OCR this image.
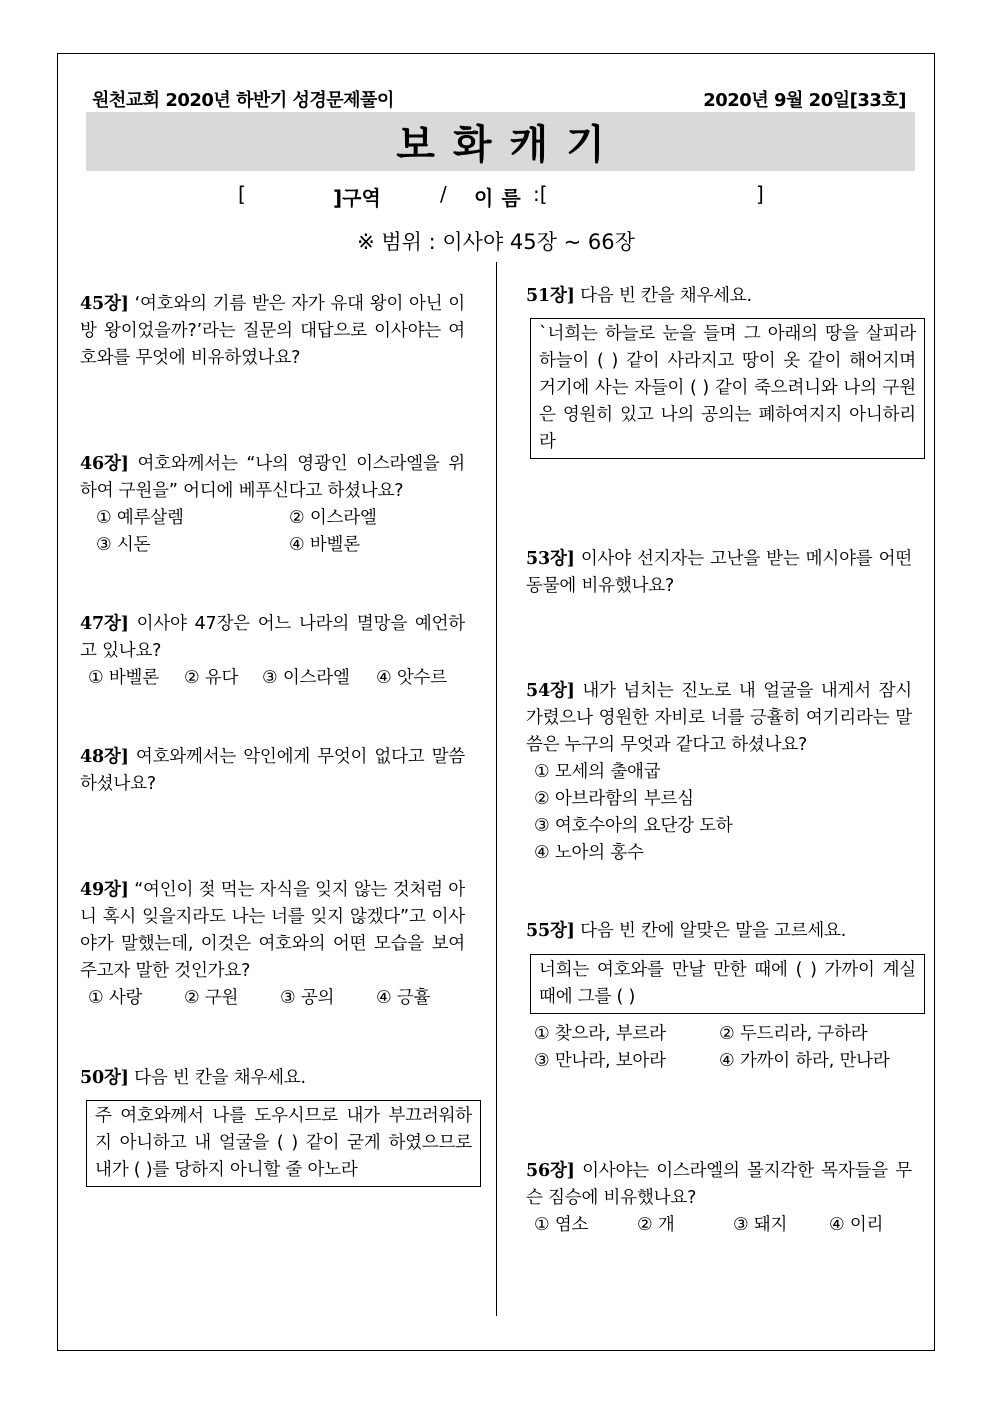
원천교회 2020년 하반기 성경문제풀이	2020년 9월 20일[33호]
보화캐기
[	]구역	/ 이름 :[	]
※ 범위 : 이사야 45장 ~ 66장
45장] ‘여호와의 기름 받은 자가 유대 왕이 아닌 이방 왕이었을까?’라는 질문의 대답으로 이사야는 여호와를 무엇에 비유하였나요?
46장] 여호와께서는 “나의 영광인 이스라엘을 위하여 구원을” 어디에 베푸신다고 하셨나요?
① 예루살렘	② 이스라엘
③ 시돈	④ 바벨론
47장] 이사야 47장은 어느 나라의 멸망을 예언하고 있나요?
① 바벨론	② 유다	③ 이스라엘	④ 앗수르
48장] 여호와께서는 악인에게 무엇이 없다고 말씀하셨나요?
49장] “여인이 젖 먹는 자식을 잊지 않는 것처럼 아니 혹시 잊을지라도 나는 너를 잊지 않겠다”고 이사야가 말했는데, 이것은 여호와의 어떤 모습을 보여주고자 말한 것인가요?
① 사랑	② 구원	③ 공의	④ 긍휼
50장] 다음 빈 칸을 채우세요.
주 여호와께서 나를 도우시므로 내가 부끄러워하지 아니하고 내 얼굴을 ( ) 같이 굳게 하였으므로 내가 ( )를 당하지 아니할 줄 아노라
51장] 다음 빈 칸을 채우세요.
`너희는 하늘로 눈을 들며 그 아래의 땅을 살피라 하늘이 ( ) 같이 사라지고 땅이 옷 같이 해어지며 거기에 사는 자들이 ( ) 같이 죽으려니와 나의 구원은 영원히 있고 나의 공의는 폐하여지지 아니하리라
53장] 이사야 선지자는 고난을 받는 메시야를 어떤 동물에 비유했나요?
54장] 내가 넘치는 진노로 내 얼굴을 내게서 잠시 가렸으나 영원한 자비로 너를 긍휼히 여기리라는 말씀은 누구의 무엇과 같다고 하셨나요?
① 모세의 출애굽
② 아브라함의 부르심
③ 여호수아의 요단강 도하
④ 노아의 홍수
55장] 다음 빈 칸에 알맞은 말을 고르세요.
너희는 여호와를 만날 만한 때에 ( ) 가까이 계실 때에 그를 ( )
① 찾으라, 부르라	② 두드리라, 구하라
③ 만나라, 보아라	④ 가까이 하라, 만나라
56장] 이사야는 이스라엘의 몰지각한 목자들을 무슨 짐승에 비유했나요?
① 염소	② 개	③ 돼지	④ 이리
